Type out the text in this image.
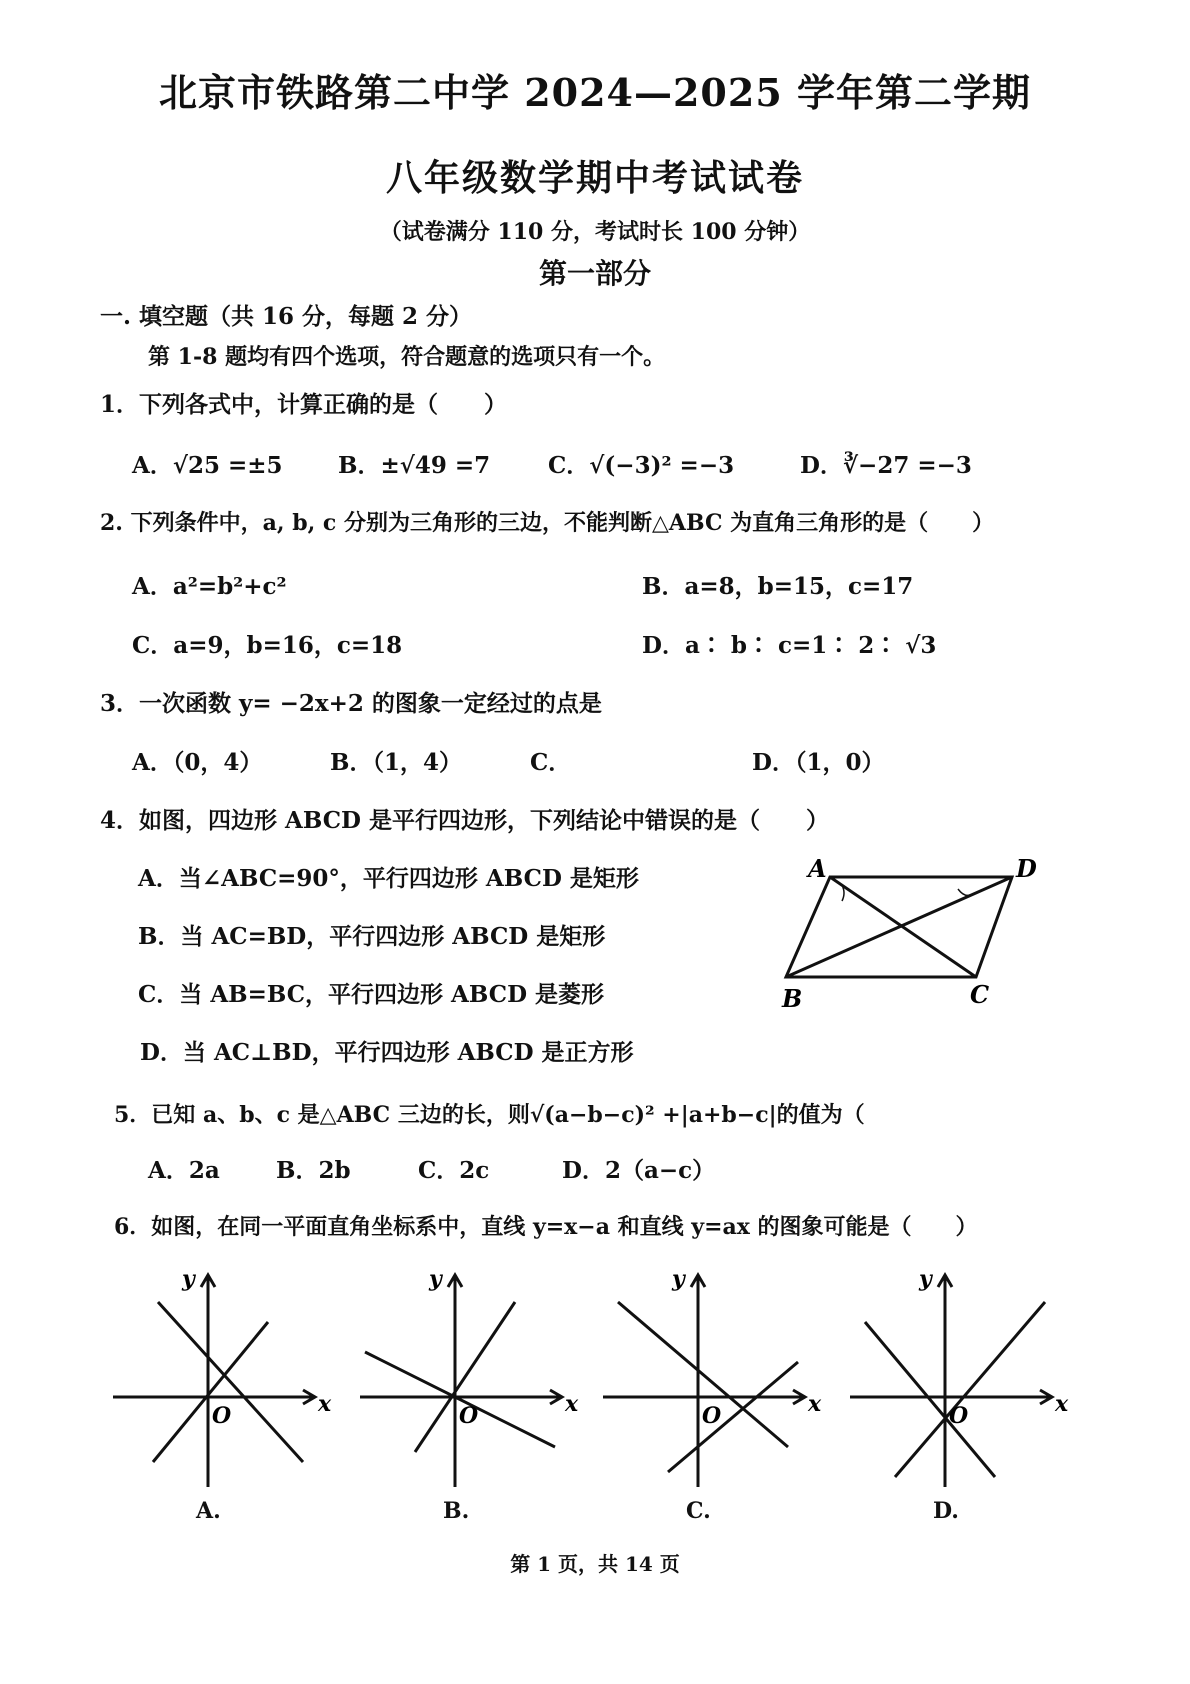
北京市铁路第二中学 2024—2025 学年第二学期
八年级数学期中考试试卷
（试卷满分 110 分，考试时长 100 分钟）
第一部分
一. 填空题（共 16 分，每题 2 分）
第 1-8 题均有四个选项，符合题意的选项只有一个。
1．下列各式中，计算正确的是（　　）
A．√25 =±5 B．±√49 =7	C．√(−3)² =−3	D．∛−27 =−3
2. 下列条件中，a, b, c 分别为三角形的三边，不能判断△ABC 为直角三角形的是（　　）
A．a²=b²+c²	B．a=8，b=15，c=17
C．a=9，b=16，c=18	D．a∶ b∶ c=1∶ 2∶ √3
3．一次函数 y= −2x+2 的图象一定经过的点是
A．（0，4）	B．（1，4）	C．	D．（1，0）
4．如图，四边形 ABCD 是平行四边形，下列结论中错误的是（　　）
A．当∠ABC=90°，平行四边形 ABCD 是矩形
B．当 AC=BD，平行四边形 ABCD 是矩形
C．当 AB=BC，平行四边形 ABCD 是菱形
D．当 AC⊥BD，平行四边形 ABCD 是正方形
A	D
B	C
5．已知 a、b、c 是△ABC 三边的长，则√(a−b−c)² +|a+b−c|的值为（
A．2a B．2b	C．2c	D．2（a−c）
6．如图，在同一平面直角坐标系中，直线 y=x−a 和直线 y=ax 的图象可能是（　　）
y
x
O
A.
y
x
O
B.
y
x
O
C.
y
x
O
D.
第 1 页，共 14 页
